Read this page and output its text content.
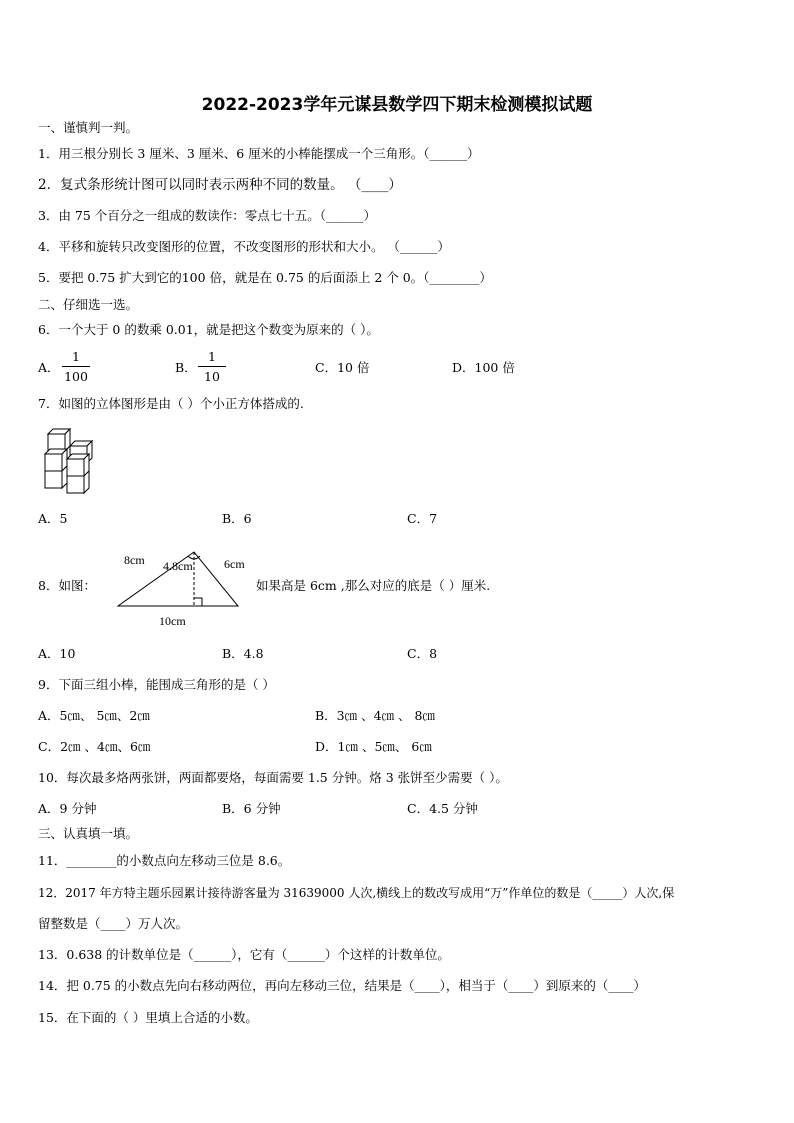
2022-2023学年元谋县数学四下期末检测模拟试题
一、谨慎判一判。
1．用三根分别长 3 厘米、3 厘米、6 厘米的小棒能摆成一个三角形。（______）
2．复式条形统计图可以同时表示两种不同的数量。 （____）
3．由 75 个百分之一组成的数读作：零点七十五。（______）
4．平移和旋转只改变图形的位置，不改变图形的形状和大小。 （______）
5．要把 0.75 扩大到它的100 倍，就是在 0.75 的后面添上 2 个 0。（________）
二、仔细选一选。
6．一个大于 0 的数乘 0.01，就是把这个数变为原来的（ ）。
A．
1
100
B．
1
10
C．10 倍	D．100 倍
7．如图的立体图形是由（ ）个小正方体搭成的.
A．5	B．6	C．7
8．如图：
8cm 4.8cm	6cm
10cm
如果高是 6cm ,那么对应的底是（ ）厘米.
A．10	B．4.8	C．8
9．下面三组小棒，能围成三角形的是（ ）
A．5㎝、 5㎝、2㎝	B．3㎝ 、4㎝ 、 8㎝
C．2㎝ 、4㎝、6㎝	D．1㎝ 、5㎝、 6㎝
10．每次最多烙两张饼，两面都要烙，每面需要 1.5 分钟。烙 3 张饼至少需要（ ）。
A．9 分钟	B．6 分钟	C．4.5 分钟
三、认真填一填。
11．________的小数点向左移动三位是 8.6。
12．2017 年方特主题乐园累计接待游客量为 31639000 人次,横线上的数改写成用“万”作单位的数是（_____）人次,保
留整数是（____）万人次。
13．0.638 的计数单位是（______），它有（______）个这样的计数单位。
14．把 0.75 的小数点先向右移动两位，再向左移动三位，结果是（____），相当于（____）到原来的（____）
15．在下面的（ ）里填上合适的小数。
